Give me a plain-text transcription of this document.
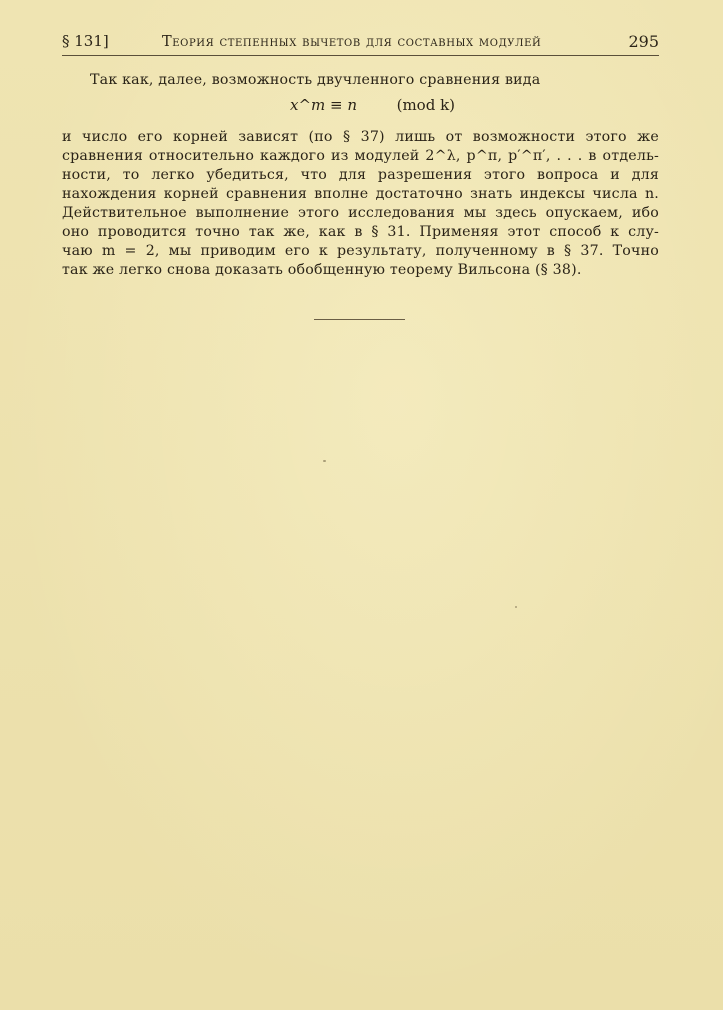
§ 131]	Теория степенных вычетов для составных модулей	295
Так как, далее, возможность двучленного сравнения вида
x^m ≡ n	(mod k)
и число его корней зависят (по § 37) лишь от возможности этого же
сравнения относительно каждого из модулей 2^λ, p^π, p′^π′, . . . в отдель-
ности, то легко убедиться, что для разрешения этого вопроса и для
нахождения корней сравнения вполне достаточно знать индексы числа n.
Действительное выполнение этого исследования мы здесь опускаем, ибо
оно проводится точно так же, как в § 31. Применяя этот способ к слу-
чаю m = 2, мы приводим его к результату, полученному в § 37. Точно
так же легко снова доказать обобщенную теорему Вильсона (§ 38).
